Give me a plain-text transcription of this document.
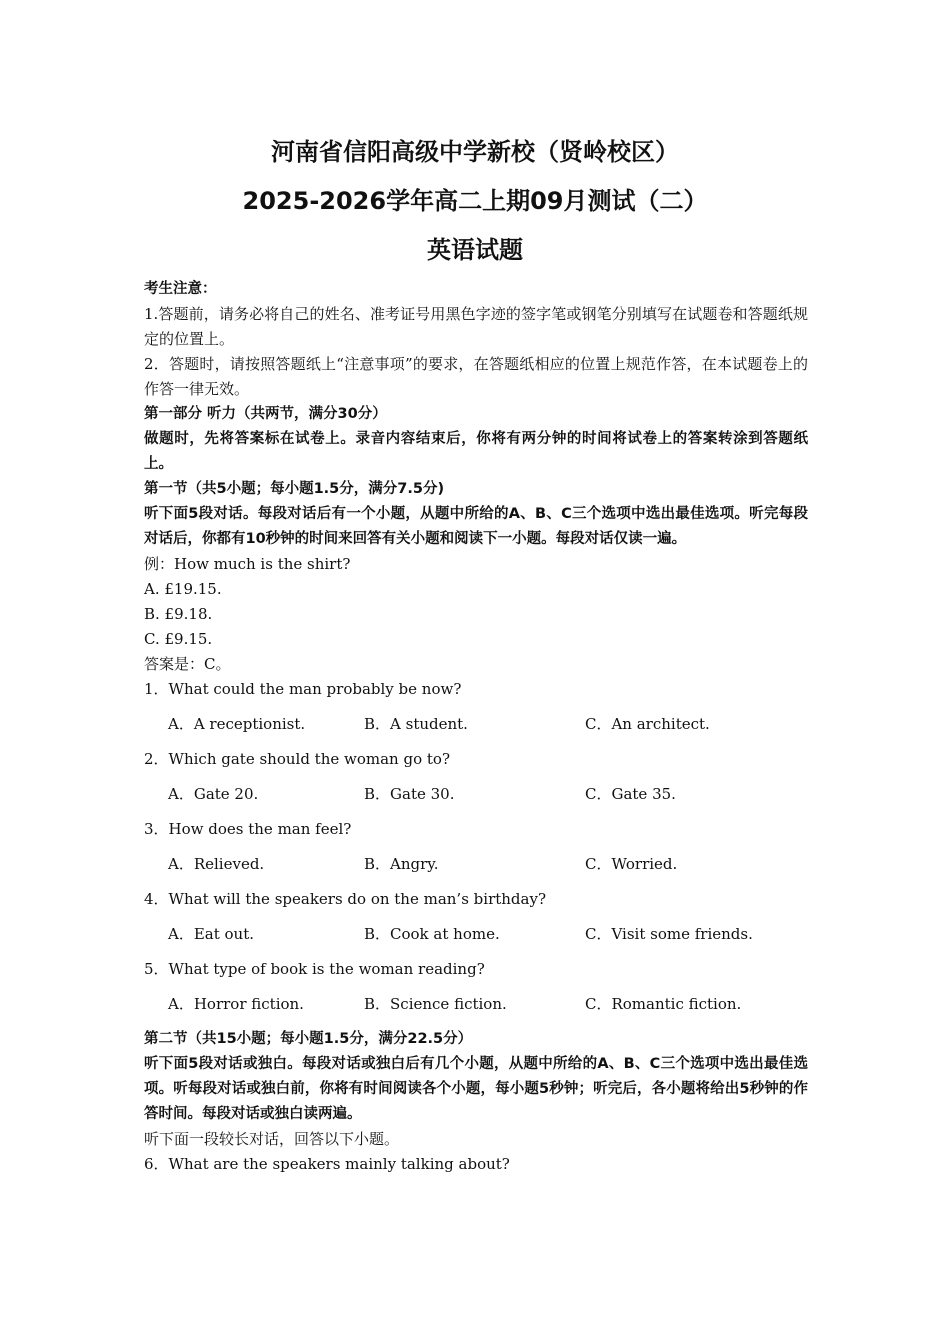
河南省信阳高级中学新校（贤岭校区）
2025-2026学年高二上期09月测试（二）
英语试题

考生注意：

1.答题前，请务必将自己的姓名、准考证号用黑色字迹的签字笔或钢笔分别填写在试题卷和答题纸规定的位置上。

2．答题时，请按照答题纸上“注意事项”的要求，在答题纸相应的位置上规范作答，在本试题卷上的作答一律无效。

第一部分 听力（共两节，满分30分）

做题时，先将答案标在试卷上。录音内容结束后，你将有两分钟的时间将试卷上的答案转涂到答题纸上。

第一节（共5小题；每小题1.5分，满分7.5分)

听下面5段对话。每段对话后有一个小题，从题中所给的A、B、C三个选项中选出最佳选项。听完每段对话后，你都有10秒钟的时间来回答有关小题和阅读下一小题。每段对话仅读一遍。

例：How much is the shirt?

A. £19.15.

B. £9.18.

C. £9.15.

答案是：C。

1．What could the man probably be now?

A．A receptionist.	B．A student.	C．An architect.

2．Which gate should the woman go to?

A．Gate 20.	B．Gate 30.	C．Gate 35.

3．How does the man feel?

A．Relieved.	B．Angry.	C．Worried.

4．What will the speakers do on the man’s birthday?

A．Eat out.	B．Cook at home.	C．Visit some friends.

5．What type of book is the woman reading?

A．Horror fiction.	B．Science fiction.	C．Romantic fiction.

第二节（共15小题；每小题1.5分，满分22.5分）

听下面5段对话或独白。每段对话或独白后有几个小题，从题中所给的A、B、C三个选项中选出最佳选项。听每段对话或独白前，你将有时间阅读各个小题，每小题5秒钟；听完后，各小题将给出5秒钟的作答时间。每段对话或独白读两遍。

听下面一段较长对话，回答以下小题。

6．What are the speakers mainly talking about?
